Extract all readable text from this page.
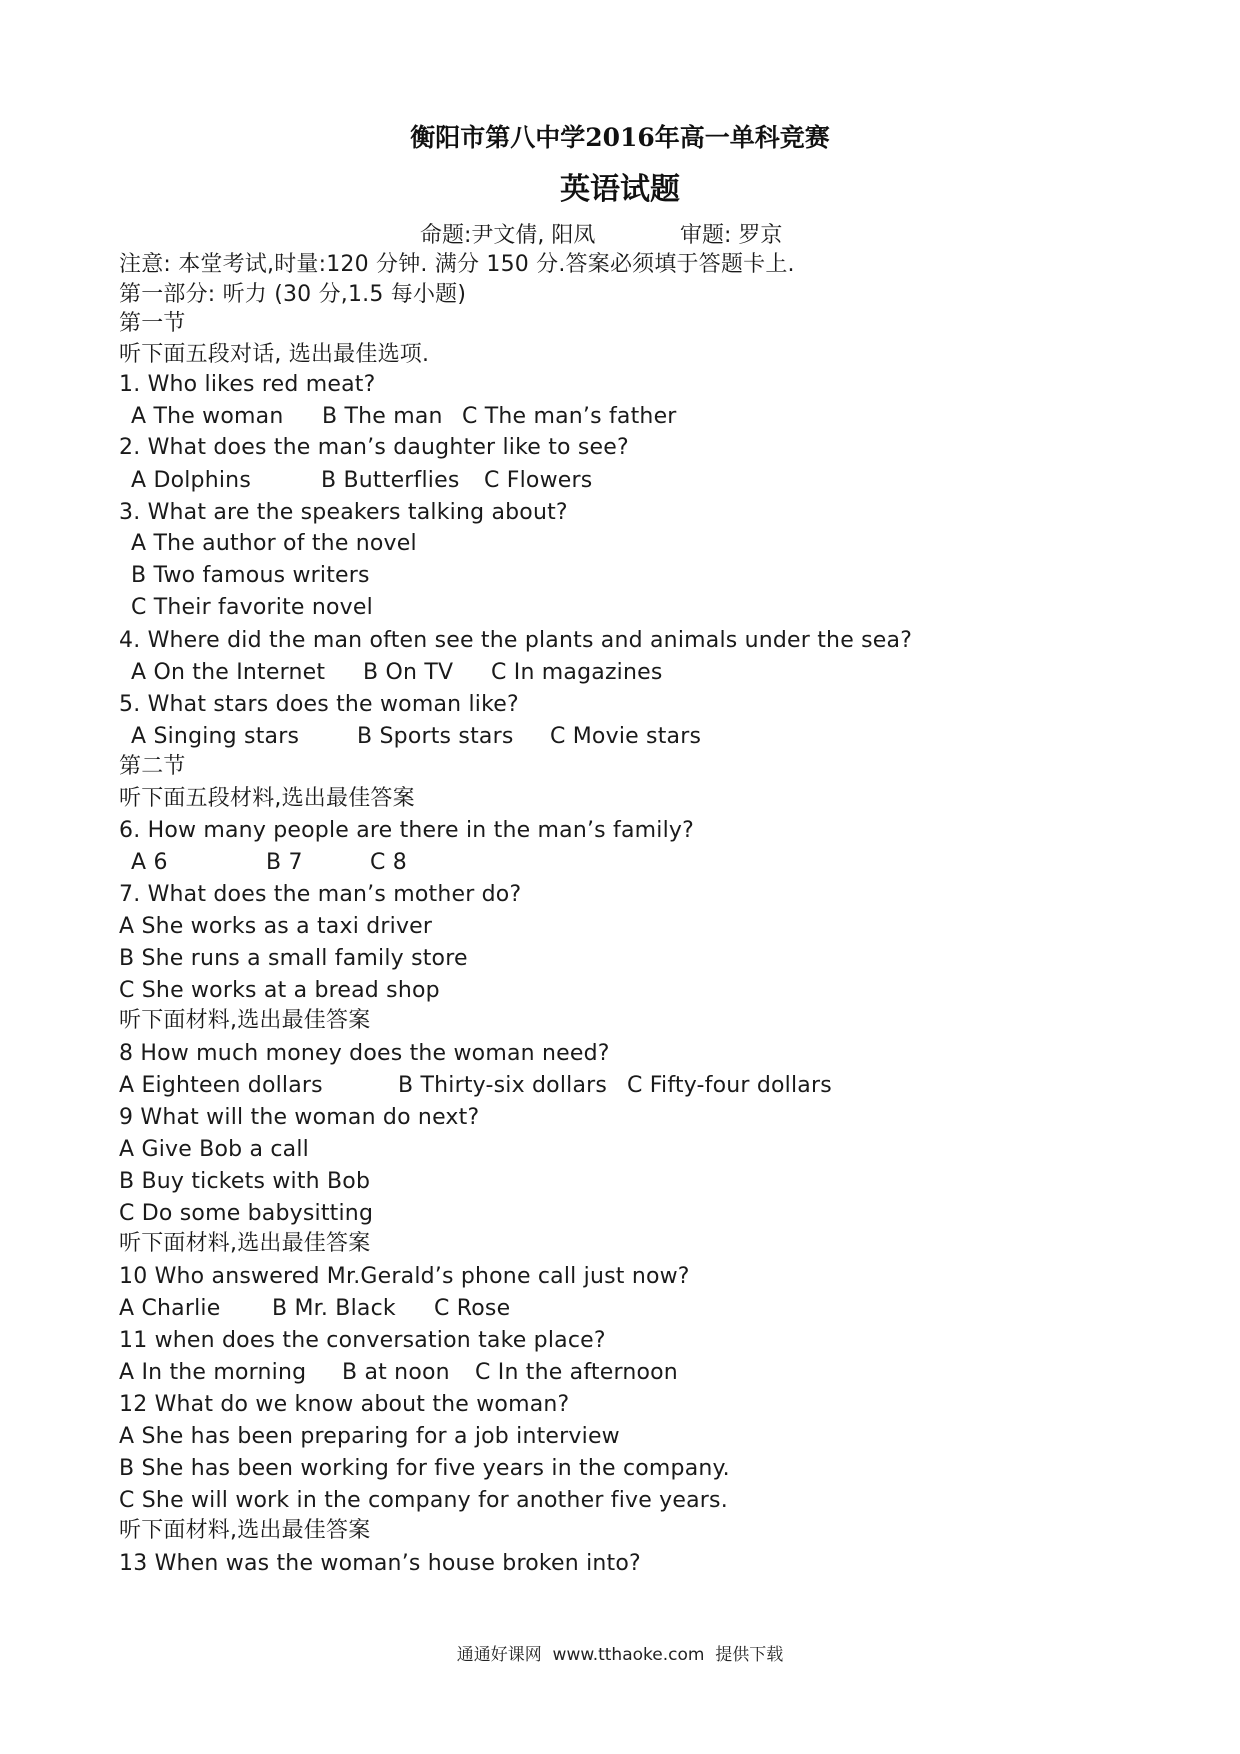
衡阳市第八中学2016年高一单科竞赛
英语试题
命题:尹文倩, 阳凤	审题: 罗京
注意: 本堂考试,时量:120 分钟. 满分 150 分.答案必须填于答题卡上.
第一部分: 听力 (30 分,1.5 每小题)
第一节
听下面五段对话, 选出最佳选项.
1. Who likes red meat?
A The woman B The man C The man’s father
2. What does the man’s daughter like to see?
A Dolphins	B Butterflies C Flowers
3. What are the speakers talking about?
A The author of the novel
B Two famous writers
C Their favorite novel
4. Where did the man often see the plants and animals under the sea?
A On the Internet B On TV C In magazines
5. What stars does the woman like?
A Singing stars	B Sports stars C Movie stars
第二节
听下面五段材料,选出最佳答案
6. How many people are there in the man’s family?
A 6	B 7	C 8
7. What does the man’s mother do?
A She works as a taxi driver
B She runs a small family store
C She works at a bread shop
听下面材料,选出最佳答案
8 How much money does the woman need?
A Eighteen dollars	B Thirty-six dollars C Fifty-four dollars
9 What will the woman do next?
A Give Bob a call
B Buy tickets with Bob
C Do some babysitting
听下面材料,选出最佳答案
10 Who answered Mr.Gerald’s phone call just now?
A Charlie B Mr. Black C Rose
11 when does the conversation take place?
A In the morning B at noon C In the afternoon
12 What do we know about the woman?
A She has been preparing for a job interview
B She has been working for five years in the company.
C She will work in the company for another five years.
听下面材料,选出最佳答案
13 When was the woman’s house broken into?
通通好课网  www.tthaoke.com  提供下载
